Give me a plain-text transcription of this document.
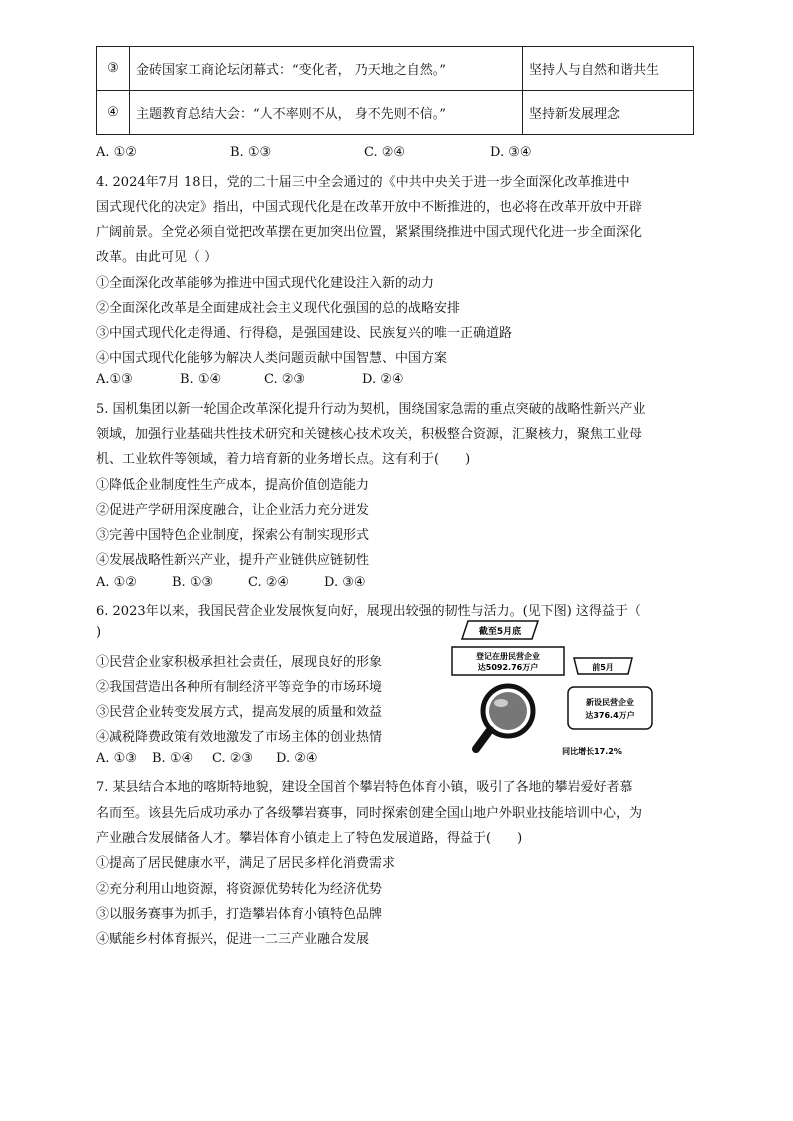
③	金砖国家工商论坛闭幕式：“变化者， 乃天地之自然。”	坚持人与自然和谐共生
④	主题教育总结大会：“人不率则不从， 身不先则不信。”	坚持新发展理念
A. ①②	B. ①③	C. ②④	D. ③④
4. 2024年7月 18日，党的二十届三中全会通过的《中共中央关于进一步全面深化改革推进中
国式现代化的决定》指出，中国式现代化是在改革开放中不断推进的，也必将在改革开放中开辟
广阔前景。全党必须自觉把改革摆在更加突出位置，紧紧围绕推进中国式现代化进一步全面深化
改革。由此可见（ ）
①全面深化改革能够为推进中国式现代化建设注入新的动力
②全面深化改革是全面建成社会主义现代化强国的总的战略安排
③中国式现代化走得通、行得稳，是强国建设、民族复兴的唯一正确道路
④中国式现代化能够为解决人类问题贡献中国智慧、中国方案
A.①③	B. ①④	C. ②③	D. ②④
5. 国机集团以新一轮国企改革深化提升行动为契机，围绕国家急需的重点突破的战略性新兴产业
领域，加强行业基础共性技术研究和关键核心技术攻关，积极整合资源，汇聚核力，聚焦工业母
机、工业软件等领域，着力培育新的业务增长点。这有利于(　　)
①降低企业制度性生产成本，提高价值创造能力
②促进产学研用深度融合，让企业活力充分迸发
③完善中国特色企业制度，探索公有制实现形式
④发展战略性新兴产业，提升产业链供应链韧性
A. ①②	B. ①③	C. ②④	D. ③④
6. 2023年以来，我国民营企业发展恢复向好，展现出较强的韧性与活力。(见下图) 这得益于（
)
①民营企业家积极承担社会责任，展现良好的形象
②我国营造出各种所有制经济平等竞争的市场环境
③民营企业转变发展方式，提高发展的质量和效益
④减税降费政策有效地激发了市场主体的创业热情
A. ①③ B. ①④ C. ②③ D. ②④
截至5月底
登记在册民营企业
达5092.76万户	前5月
新设民营企业
达376.4万户
同比增长17.2%
7. 某县结合本地的喀斯特地貌，建设全国首个攀岩特色体育小镇，吸引了各地的攀岩爱好者慕
名而至。该县先后成功承办了各级攀岩赛事，同时探索创建全国山地户外职业技能培训中心，为
产业融合发展储备人才。攀岩体育小镇走上了特色发展道路，得益于(　　)
①提高了居民健康水平，满足了居民多样化消费需求
②充分利用山地资源，将资源优势转化为经济优势
③以服务赛事为抓手，打造攀岩体育小镇特色品牌
④赋能乡村体育振兴，促进一二三产业融合发展
